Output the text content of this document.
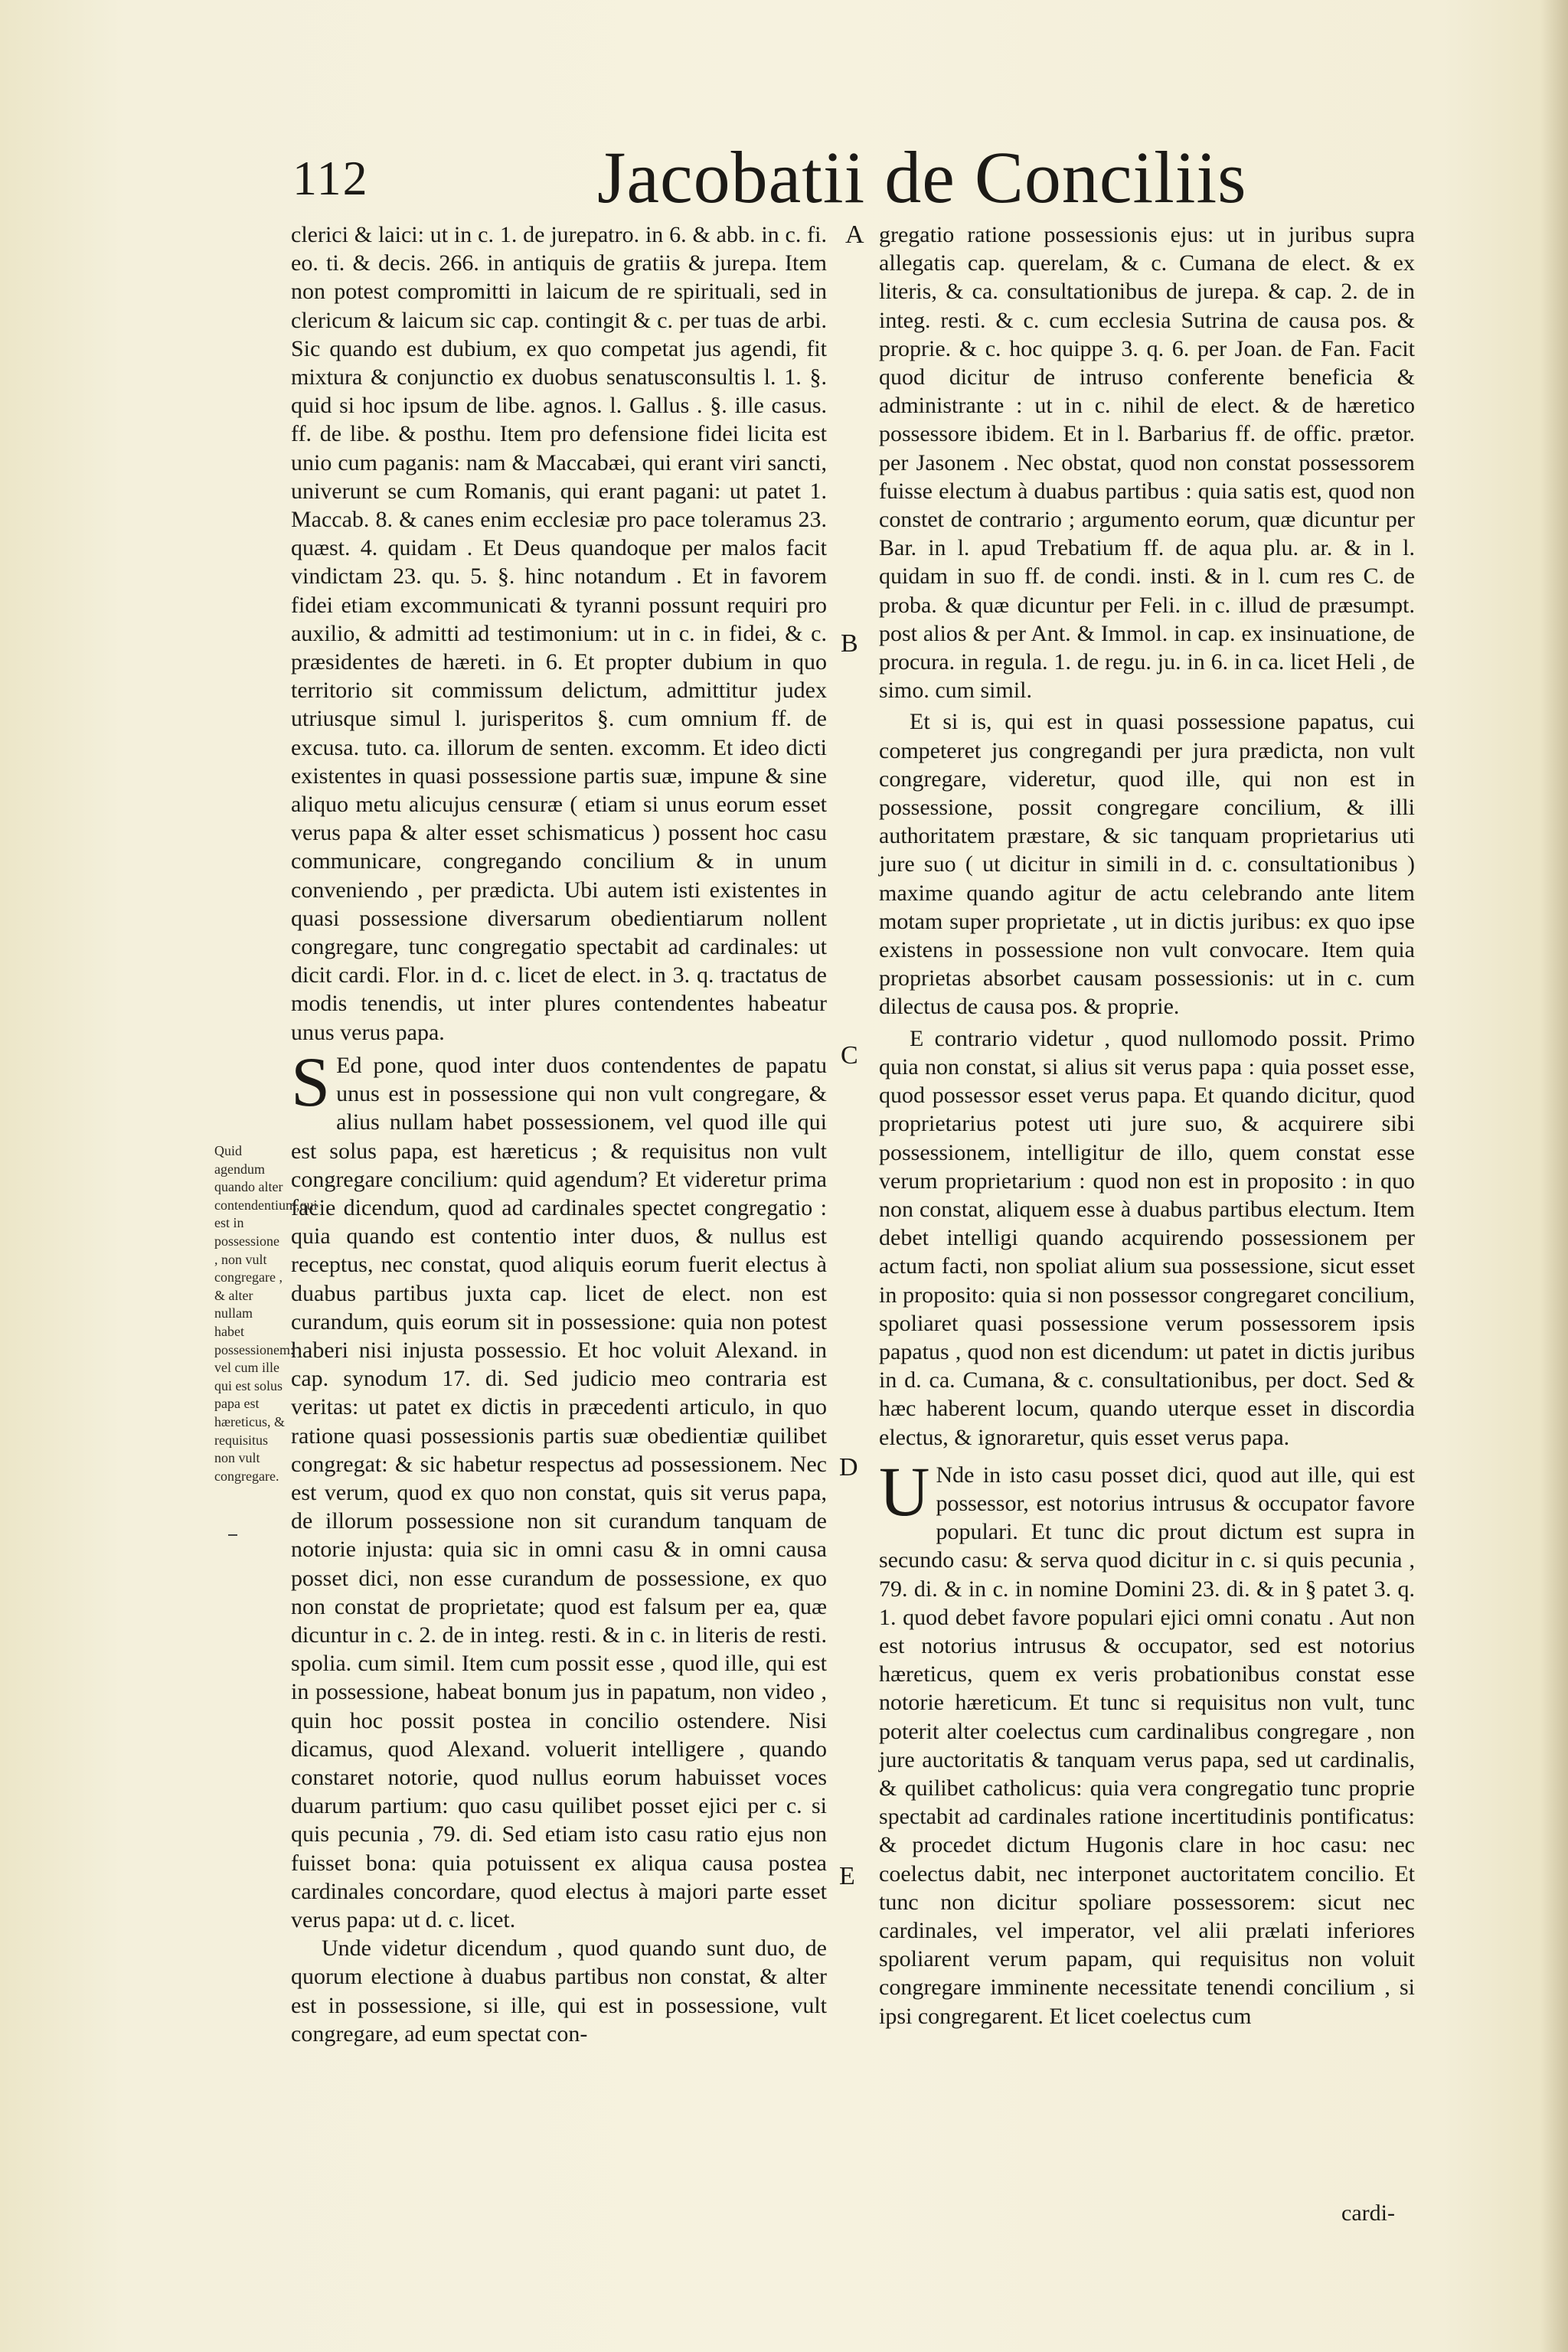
112	Jacobatii de Conciliis

clerici & laici: ut in c. 1. de jurepatro. in 6. & abb. in c. fi. eo. ti. & decis. 266. in antiquis de gratiis & jurepa. Item non potest compromitti in laicum de re spirituali, sed in clericum & laicum sic cap. contingit & c. per tuas de arbi. Sic quando est dubium, ex quo competat jus agendi, fit mixtura & conjunctio ex duobus senatusconsultis l. 1. §. quid si hoc ipsum de libe. agnos. l. Gallus . §. ille casus. ff. de libe. & posthu. Item pro defensione fidei licita est unio cum paganis: nam & Maccabæi, qui erant viri sancti, univerunt se cum Romanis, qui erant pagani: ut patet 1. Maccab. 8. & canes enim ecclesiæ pro pace toleramus 23. quæst. 4. quidam . Et Deus quandoque per malos facit vindictam 23. qu. 5. §. hinc notandum . Et in favorem fidei etiam excommunicati & tyranni possunt requiri pro auxilio, & admitti ad testimonium: ut in c. in fidei, & c. præsidentes de hæreti. in 6. Et propter dubium in quo territorio sit commissum delictum, admittitur judex utriusque simul l. jurisperitos §. cum omnium ff. de excusa. tuto. ca. illorum de senten. excomm. Et ideo dicti existentes in quasi possessione partis suæ, impune & sine aliquo metu alicujus censuræ ( etiam si unus eorum esset verus papa & alter esset schismaticus ) possent hoc casu communicare, congregando concilium & in unum conveniendo , per prædicta. Ubi autem isti existentes in quasi possessione diversarum obedientiarum nollent congregare, tunc congregatio spectabit ad cardinales: ut dicit cardi. Flor. in d. c. licet de elect. in 3. q. tractatus de modis tenendis, ut inter plures contendentes habeatur unus verus papa.

S Ed pone, quod inter duos contendentes de papatu unus est in possessione qui non vult congregare, & alius nullam habet possessionem, vel quod ille qui est solus papa, est hæreticus ; & requisitus non vult congregare concilium: quid agendum? Et videretur prima facie dicendum, quod ad cardinales spectet congregatio : quia quando est contentio inter duos, & nullus est receptus, nec constat, quod aliquis eorum fuerit electus à duabus partibus juxta cap. licet de elect. non est curandum, quis eorum sit in possessione: quia non potest haberi nisi injusta possessio. Et hoc voluit Alexand. in cap. synodum 17. di. Sed judicio meo contraria est veritas: ut patet ex dictis in præcedenti articulo, in quo ratione quasi possessionis partis suæ obedientiæ quilibet congregat: & sic habetur respectus ad possessionem. Nec est verum, quod ex quo non constat, quis sit verus papa, de illorum possessione non sit curandum tanquam de notorie injusta: quia sic in omni casu & in omni causa posset dici, non esse curandum de possessione, ex quo non constat de proprietate; quod est falsum per ea, quæ dicuntur in c. 2. de in integ. resti. & in c. in literis de resti. spolia. cum simil. Item cum possit esse , quod ille, qui est in possessione, habeat bonum jus in papatum, non video , quin hoc possit postea in concilio ostendere. Nisi dicamus, quod Alexand. voluerit intelligere , quando constaret notorie, quod nullus eorum habuisset voces duarum partium: quo casu quilibet posset ejici per c. si quis pecunia , 79. di. Sed etiam isto casu ratio ejus non fuisset bona: quia potuissent ex aliqua causa postea cardinales concordare, quod electus à majori parte esset verus papa: ut d. c. licet.

Unde videtur dicendum , quod quando sunt duo, de quorum electione à duabus partibus non constat, & alter est in possessione, si ille, qui est in possessione, vult congregare, ad eum spectat con-

gregatio ratione possessionis ejus: ut in juribus supra allegatis cap. querelam, & c. Cumana de elect. & ex literis, & ca. consultationibus de jurepa. & cap. 2. de in integ. resti. & c. cum ecclesia Sutrina de causa pos. & proprie. & c. hoc quippe 3. q. 6. per Joan. de Fan. Facit quod dicitur de intruso conferente beneficia & administrante : ut in c. nihil de elect. & de hæretico possessore ibidem. Et in l. Barbarius ff. de offic. prætor. per Jasonem . Nec obstat, quod non constat possessorem fuisse electum à duabus partibus : quia satis est, quod non constet de contrario ; argumento eorum, quæ dicuntur per Bar. in l. apud Trebatium ff. de aqua plu. ar. & in l. quidam in suo ff. de condi. insti. & in l. cum res C. de proba. & quæ dicuntur per Feli. in c. illud de præsumpt. post alios & per Ant. & Immol. in cap. ex insinuatione, de procura. in regula. 1. de regu. ju. in 6. in ca. licet Heli , de simo. cum simil.

Et si is, qui est in quasi possessione papatus, cui competeret jus congregandi per jura prædicta, non vult congregare, videretur, quod ille, qui non est in possessione, possit congregare concilium, & illi authoritatem præstare, & sic tanquam proprietarius uti jure suo ( ut dicitur in simili in d. c. consultationibus ) maxime quando agitur de actu celebrando ante litem motam super proprietate , ut in dictis juribus: ex quo ipse existens in possessione non vult convocare. Item quia proprietas absorbet causam possessionis: ut in c. cum dilectus de causa pos. & proprie.

E contrario videtur , quod nullomodo possit. Primo quia non constat, si alius sit verus papa : quia posset esse, quod possessor esset verus papa. Et quando dicitur, quod proprietarius potest uti jure suo, & acquirere sibi possessionem, intelligitur de illo, quem constat esse verum proprietarium : quod non est in proposito : in quo non constat, aliquem esse à duabus partibus electum. Item debet intelligi quando acquirendo possessionem per actum facti, non spoliat alium sua possessione, sicut esset in proposito: quia si non possessor congregaret concilium, spoliaret quasi possessione verum possessorem ipsis papatus , quod non est dicendum: ut patet in dictis juribus in d. ca. Cumana, & c. consultationibus, per doct. Sed & hæc haberent locum, quando uterque esset in discordia electus, & ignoraretur, quis esset verus papa.

U Nde in isto casu posset dici, quod aut ille, qui est possessor, est notorius intrusus & occupator favore populari. Et tunc dic prout dictum est supra in secundo casu: & serva quod dicitur in c. si quis pecunia , 79. di. & in c. in nomine Domini 23. di. & in § patet 3. q. 1. quod debet favore populari ejici omni conatu . Aut non est notorius intrusus & occupator, sed est notorius hæreticus, quem ex veris probationibus constat esse notorie hæreticum. Et tunc si requisitus non vult, tunc poterit alter coelectus cum cardinalibus congregare , non jure auctoritatis & tanquam verus papa, sed ut cardinalis, & quilibet catholicus: quia vera congregatio tunc proprie spectabit ad cardinales ratione incertitudinis pontificatus: & procedet dictum Hugonis clare in hoc casu: nec coelectus dabit, nec interponet auctoritatem concilio. Et tunc non dicitur spoliare possessorem: sicut nec cardinales, vel imperator, vel alii prælati inferiores spoliarent verum papam, qui requisitus non voluit congregare imminente necessitate tenendi concilium , si ipsi congregarent. Et licet coelectus cum

Quid agendum quando alter contendentium,qui est in possessione , non vult congregare , & alter nullam habet possessionem: vel cum ille qui est solus papa est hæreticus, & requisitus non vult congregare.
A
B
C
D
E
cardi-
